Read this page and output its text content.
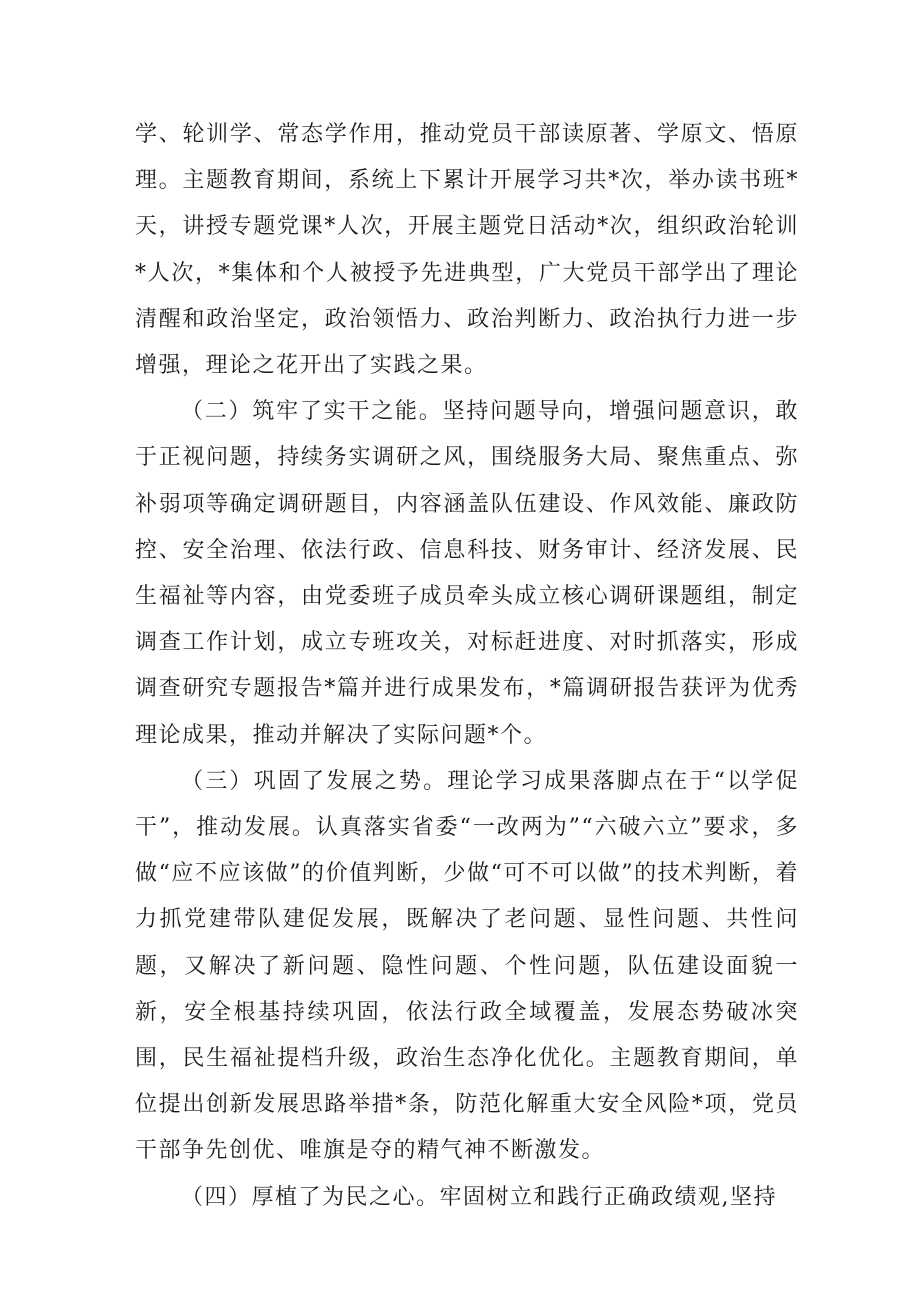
学、轮训学、常态学作用，推动党员干部读原著、学原文、悟原理。主题教育期间，系统上下累计开展学习共*次，举办读书班*天，讲授专题党课*人次，开展主题党日活动*次，组织政治轮训*人次，*集体和个人被授予先进典型，广大党员干部学出了理论清醒和政治坚定，政治领悟力、政治判断力、政治执行力进一步增强，理论之花开出了实践之果。

（二）筑牢了实干之能。坚持问题导向，增强问题意识，敢于正视问题，持续务实调研之风，围绕服务大局、聚焦重点、弥补弱项等确定调研题目，内容涵盖队伍建设、作风效能、廉政防控、安全治理、依法行政、信息科技、财务审计、经济发展、民生福祉等内容，由党委班子成员牵头成立核心调研课题组，制定调查工作计划，成立专班攻关，对标赶进度、对时抓落实，形成调查研究专题报告*篇并进行成果发布，*篇调研报告获评为优秀理论成果，推动并解决了实际问题*个。

（三）巩固了发展之势。理论学习成果落脚点在于“以学促干”，推动发展。认真落实省委“一改两为”“六破六立”要求，多做“应不应该做”的价值判断，少做“可不可以做”的技术判断，着力抓党建带队建促发展，既解决了老问题、显性问题、共性问题，又解决了新问题、隐性问题、个性问题，队伍建设面貌一新，安全根基持续巩固，依法行政全域覆盖，发展态势破冰突围，民生福祉提档升级，政治生态净化优化。主题教育期间，单位提出创新发展思路举措*条，防范化解重大安全风险*项，党员干部争先创优、唯旗是夺的精气神不断激发。

（四）厚植了为民之心。牢固树立和践行正确政绩观,坚持
